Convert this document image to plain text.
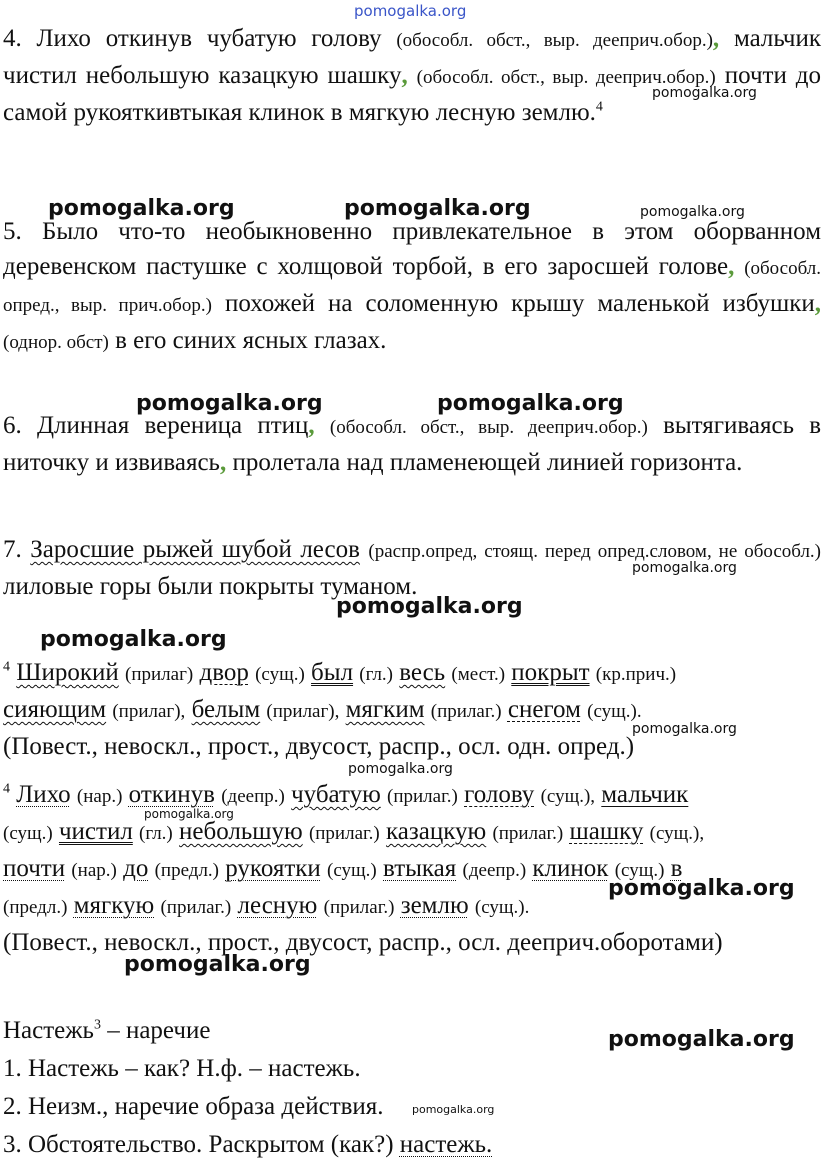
pomogalka.org

4. Лихо откинув чубатую голову (обособл. обст., выр. дееприч.обор.), мальчик чистил небольшую казацкую шашку, (обособл. обст., выр. дееприч.обор.) почти до самой рукояткивтыкая клинок в мягкую лесную землю.$^4$

5. Было что-то необыкновенно привлекательное в этом оборванном деревенском пастушке с холщовой торбой, в его заросшей голове, (обособл. опред., выр. прич.обор.) похожей на соломенную крышу маленькой избушки, (однор. обст) в его синих ясных глазах.

6. Длинная вереница птиц, (обособл. обст., выр. дееприч.обор.) вытягиваясь в ниточку и извиваясь, пролетала над пламенеющей линией горизонта.

7. Заросшие рыжей шубой лесов (распр.опред, стоящ. перед опред.словом, не обособл.) лиловые горы были покрыты туманом.

$^4$ Широкий (прилаг) двор (сущ.) был (гл.) весь (мест.) покрыт (кр.прич.)
сияющим (прилаг), белым (прилаг), мягким (прилаг.) снегом (сущ.).
(Повест., невоскл., прост., двусост, распр., осл. одн. опред.)
$^4$ Лихо (нар.) откинув (деепр.) чубатую (прилаг.) голову (сущ.), мальчик
(сущ.) чистил (гл.) небольшую (прилаг.) казацкую (прилаг.) шашку (сущ.),
почти (нар.) до (предл.) рукоятки (сущ.) втыкая (деепр.) клинок (сущ.) в
(предл.) мягкую (прилаг.) лесную (прилаг.) землю (сущ.).
(Повест., невоскл., прост., двусост, распр., осл. дееприч.оборотами)
Настежь$^3$ – наречие
1. Настежь – как? Н.ф. – настежь.
2. Неизм., наречие образа действия.
3. Обстоятельство. Раскрытом (как?) настежь.
pomogalka.org
pomogalka.org	pomogalka.org	pomogalka.org
pomogalka.org	pomogalka.org
pomogalka.org
pomogalka.org
pomogalka.org
pomogalka.org
pomogalka.org
pomogalka.org
pomogalka.org
pomogalka.org
pomogalka.org
pomogalka.org
